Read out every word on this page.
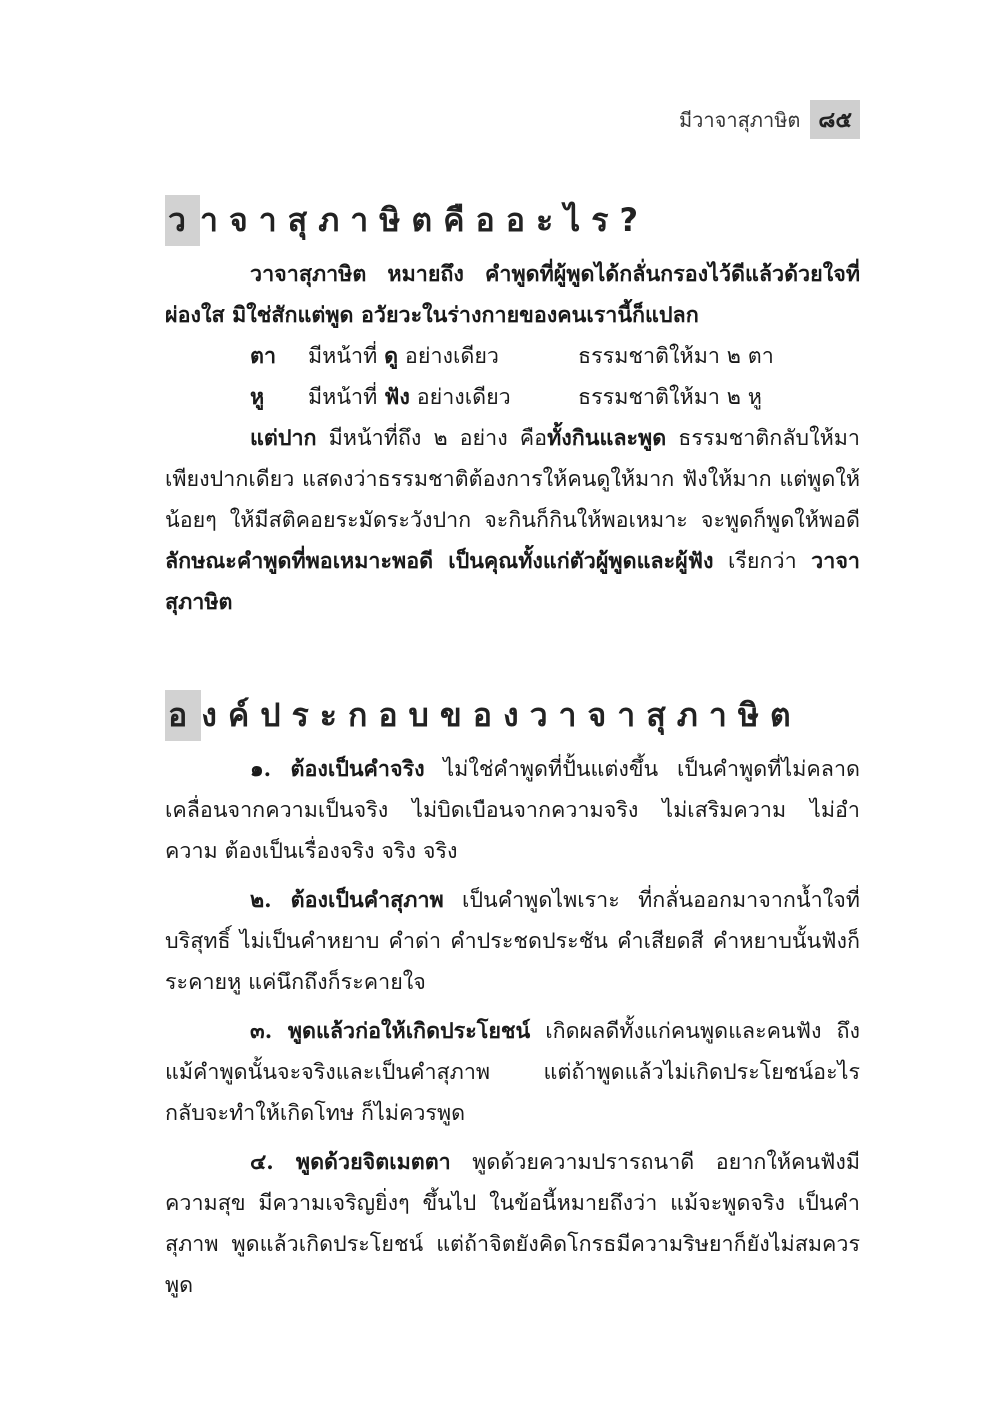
มีวาจาสุภาษิต ๘๕
วาจาสุภาษิตคืออะไร?

วาจาสุภาษิต หมายถึง คำพูดที่ผู้พูดได้กลั่นกรองไว้ดีแล้วด้วยใจที่ผ่องใส มิใช่สักแต่พูด อวัยวะในร่างกายของคนเรานี้ก็แปลก

ตา	มีหน้าที่ ดู อย่างเดียว	ธรรมชาติให้มา ๒ ตา
หู	มีหน้าที่ ฟัง อย่างเดียว	ธรรมชาติให้มา ๒ หู

แต่ปาก มีหน้าที่ถึง ๒ อย่าง คือทั้งกินและพูด ธรรมชาติกลับให้มาเพียงปากเดียว แสดงว่าธรรมชาติต้องการให้คนดูให้มาก ฟังให้มาก แต่พูดให้น้อยๆ ให้มีสติคอยระมัดระวังปาก จะกินก็กินให้พอเหมาะ จะพูดก็พูดให้พอดี ลักษณะคำพูดที่พอเหมาะพอดี เป็นคุณทั้งแก่ตัวผู้พูดและผู้ฟัง เรียกว่า วาจาสุภาษิต

องค์ประกอบของวาจาสุภาษิต

๑. ต้องเป็นคำจริง ไม่ใช่คำพูดที่ปั้นแต่งขึ้น เป็นคำพูดที่ไม่คลาดเคลื่อนจากความเป็นจริง ไม่บิดเบือนจากความจริง ไม่เสริมความ ไม่อำความ ต้องเป็นเรื่องจริง จริง จริง

๒. ต้องเป็นคำสุภาพ เป็นคำพูดไพเราะ ที่กลั่นออกมาจากน้ำใจที่บริสุทธิ์ ไม่เป็นคำหยาบ คำด่า คำประชดประชัน คำเสียดสี คำหยาบนั้นฟังก็ระคายหู แค่นึกถึงก็ระคายใจ

๓. พูดแล้วก่อให้เกิดประโยชน์ เกิดผลดีทั้งแก่คนพูดและคนฟัง ถึงแม้คำพูดนั้นจะจริงและเป็นคำสุภาพ แต่ถ้าพูดแล้วไม่เกิดประโยชน์อะไร กลับจะทำให้เกิดโทษ ก็ไม่ควรพูด

๔. พูดด้วยจิตเมตตา พูดด้วยความปรารถนาดี อยากให้คนฟังมีความสุข มีความเจริญยิ่งๆ ขึ้นไป ในข้อนี้หมายถึงว่า แม้จะพูดจริง เป็นคำสุภาพ พูดแล้วเกิดประโยชน์ แต่ถ้าจิตยังคิดโกรธมีความริษยาก็ยังไม่สมควรพูด
